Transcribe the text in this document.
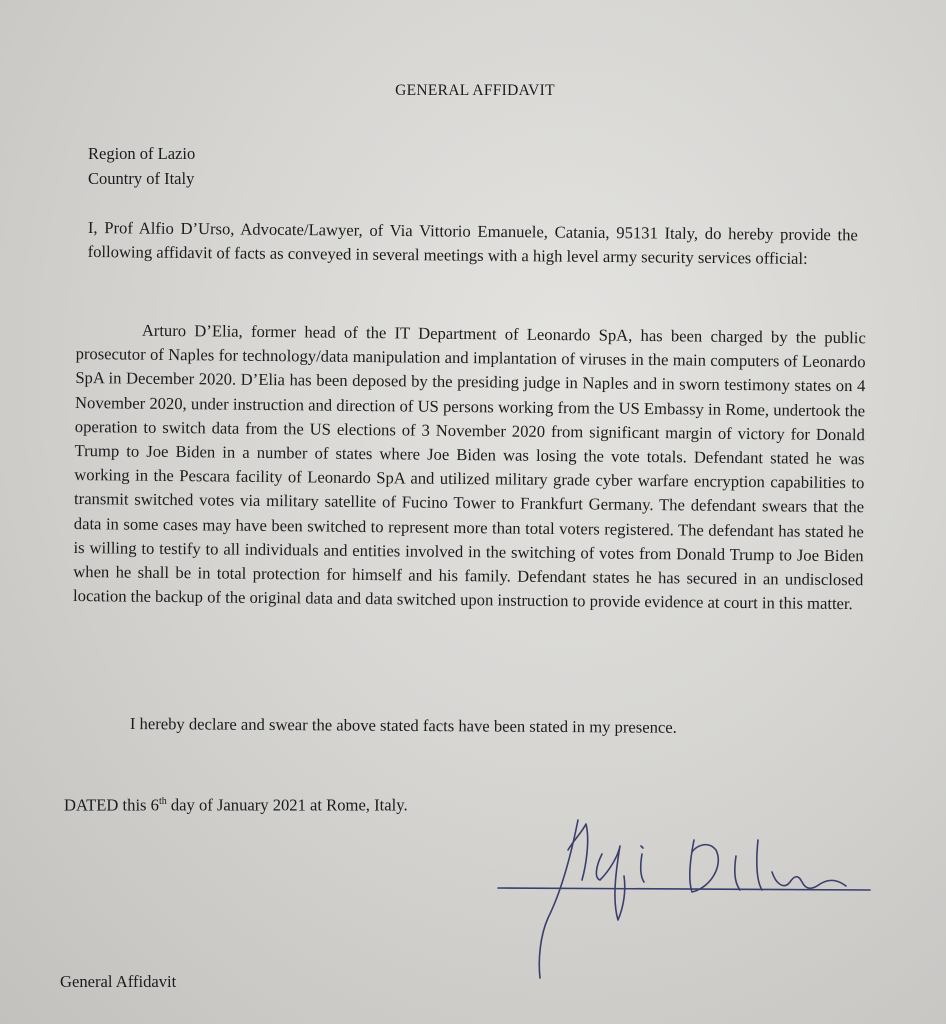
GENERAL AFFIDAVIT
Region of Lazio
Country of Italy

I, Prof Alfio D’Urso, Advocate/Lawyer, of Via Vittorio Emanuele, Catania, 95131 Italy, do hereby provide the following affidavit of facts as conveyed in several meetings with a high level army security services official:

Arturo D’Elia, former head of the IT Department of Leonardo SpA, has been charged by the public prosecutor of Naples for technology/data manipulation and implantation of viruses in the main computers of Leonardo SpA in December 2020. D’Elia has been deposed by the presiding judge in Naples and in sworn testimony states on 4 November 2020, under instruction and direction of US persons working from the US Embassy in Rome, undertook the operation to switch data from the US elections of 3 November 2020 from significant margin of victory for Donald Trump to Joe Biden in a number of states where Joe Biden was losing the vote totals. Defendant stated he was working in the Pescara facility of Leonardo SpA and utilized military grade cyber warfare encryption capabilities to transmit switched votes via military satellite of Fucino Tower to Frankfurt Germany. The defendant swears that the data in some cases may have been switched to represent more than total voters registered. The defendant has stated he is willing to testify to all individuals and entities involved in the switching of votes from Donald Trump to Joe Biden when he shall be in total protection for himself and his family. Defendant states he has secured in an undisclosed location the backup of the original data and data switched upon instruction to provide evidence at court in this matter.

I hereby declare and swear the above stated facts have been stated in my presence.

DATED this 6th day of January 2021 at Rome, Italy.
General Affidavit
